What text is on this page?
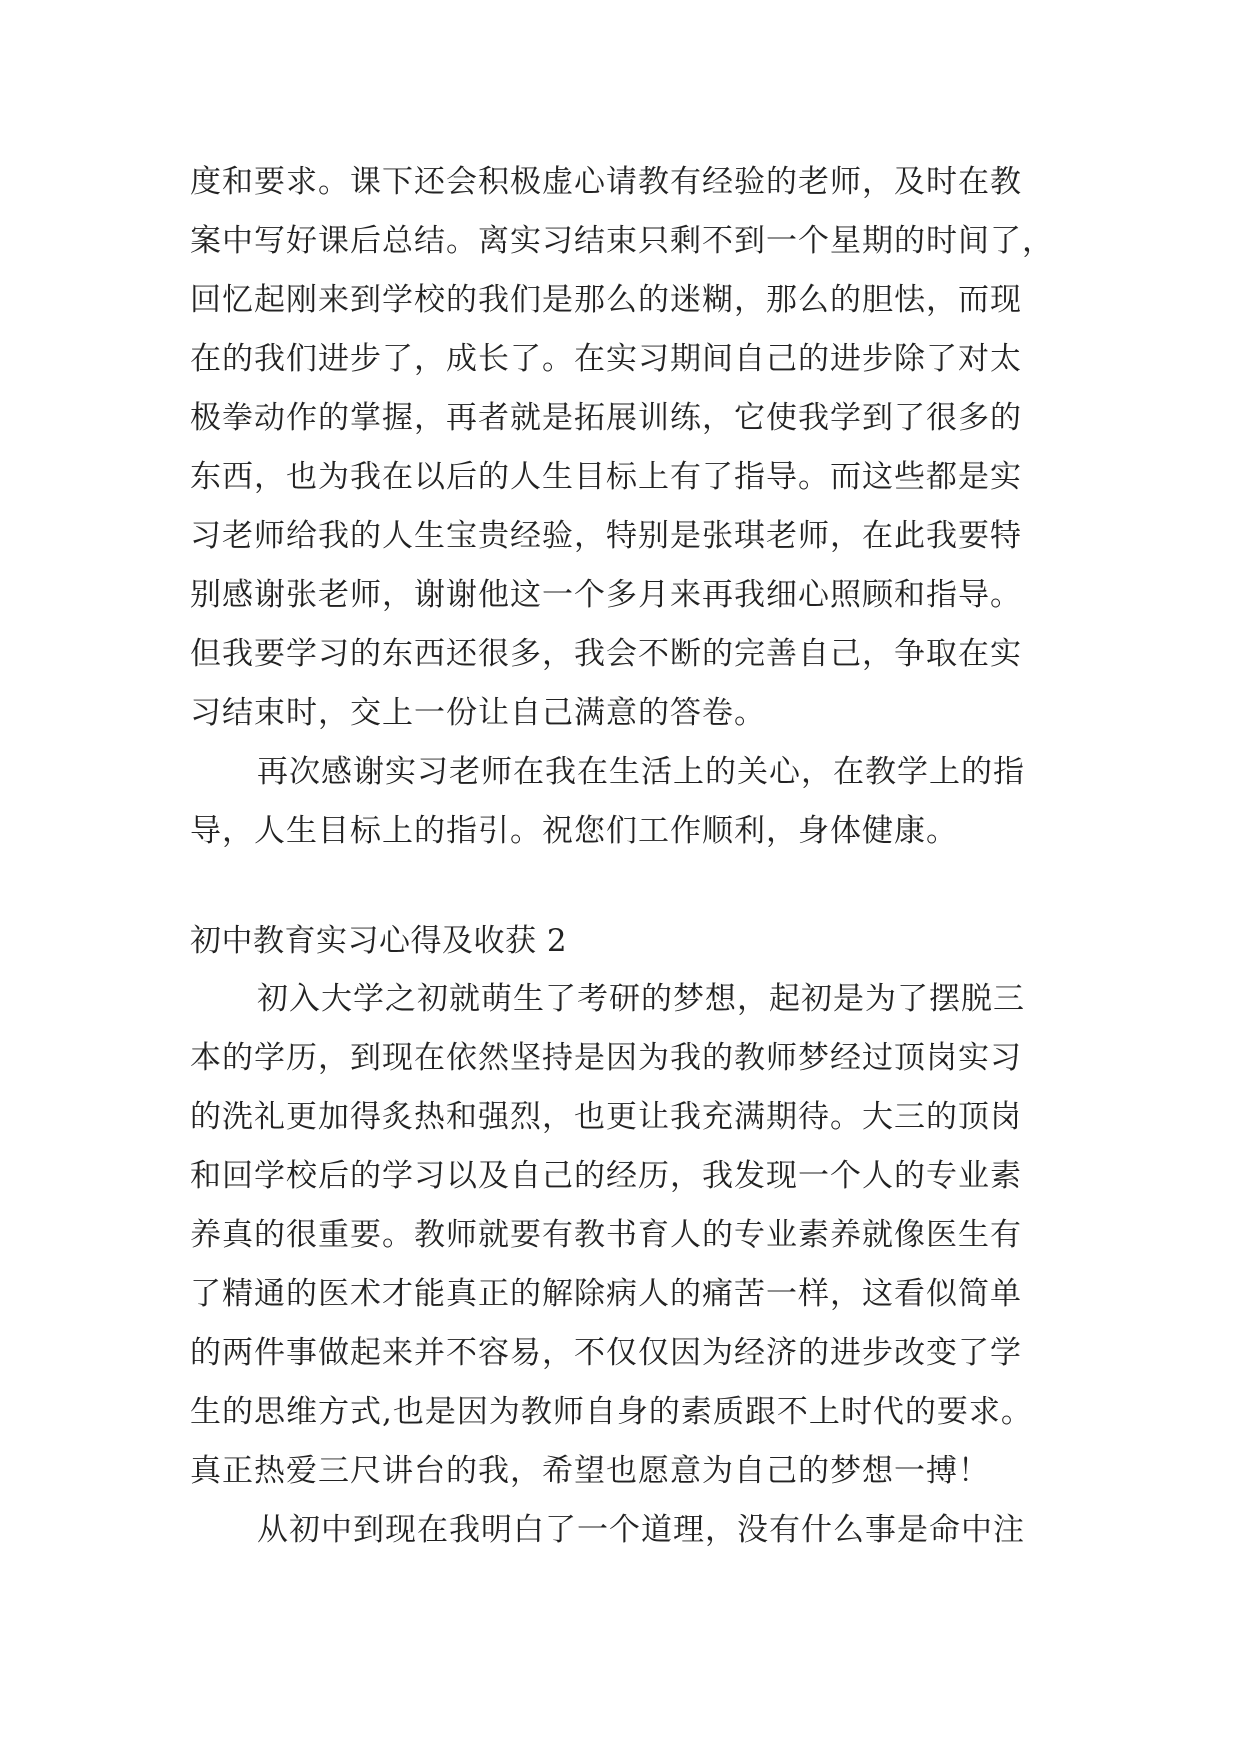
度和要求。课下还会积极虚心请教有经验的老师，及时在教
案中写好课后总结。离实习结束只剩不到一个星期的时间了，
回忆起刚来到学校的我们是那么的迷糊，那么的胆怯，而现
在的我们进步了，成长了。在实习期间自己的进步除了对太
极拳动作的掌握，再者就是拓展训练，它使我学到了很多的
东西，也为我在以后的人生目标上有了指导。而这些都是实
习老师给我的人生宝贵经验，特别是张琪老师，在此我要特
别感谢张老师，谢谢他这一个多月来再我细心照顾和指导。
但我要学习的东西还很多，我会不断的完善自己，争取在实
习结束时，交上一份让自己满意的答卷。
再次感谢实习老师在我在生活上的关心，在教学上的指
导，人生目标上的指引。祝您们工作顺利，身体健康。
初中教育实习心得及收获 2
初入大学之初就萌生了考研的梦想，起初是为了摆脱三
本的学历，到现在依然坚持是因为我的教师梦经过顶岗实习
的洗礼更加得炙热和强烈，也更让我充满期待。大三的顶岗
和回学校后的学习以及自己的经历，我发现一个人的专业素
养真的很重要。教师就要有教书育人的专业素养就像医生有
了精通的医术才能真正的解除病人的痛苦一样，这看似简单
的两件事做起来并不容易，不仅仅因为经济的进步改变了学
生的思维方式,也是因为教师自身的素质跟不上时代的要求。
真正热爱三尺讲台的我，希望也愿意为自己的梦想一搏！
从初中到现在我明白了一个道理，没有什么事是命中注
